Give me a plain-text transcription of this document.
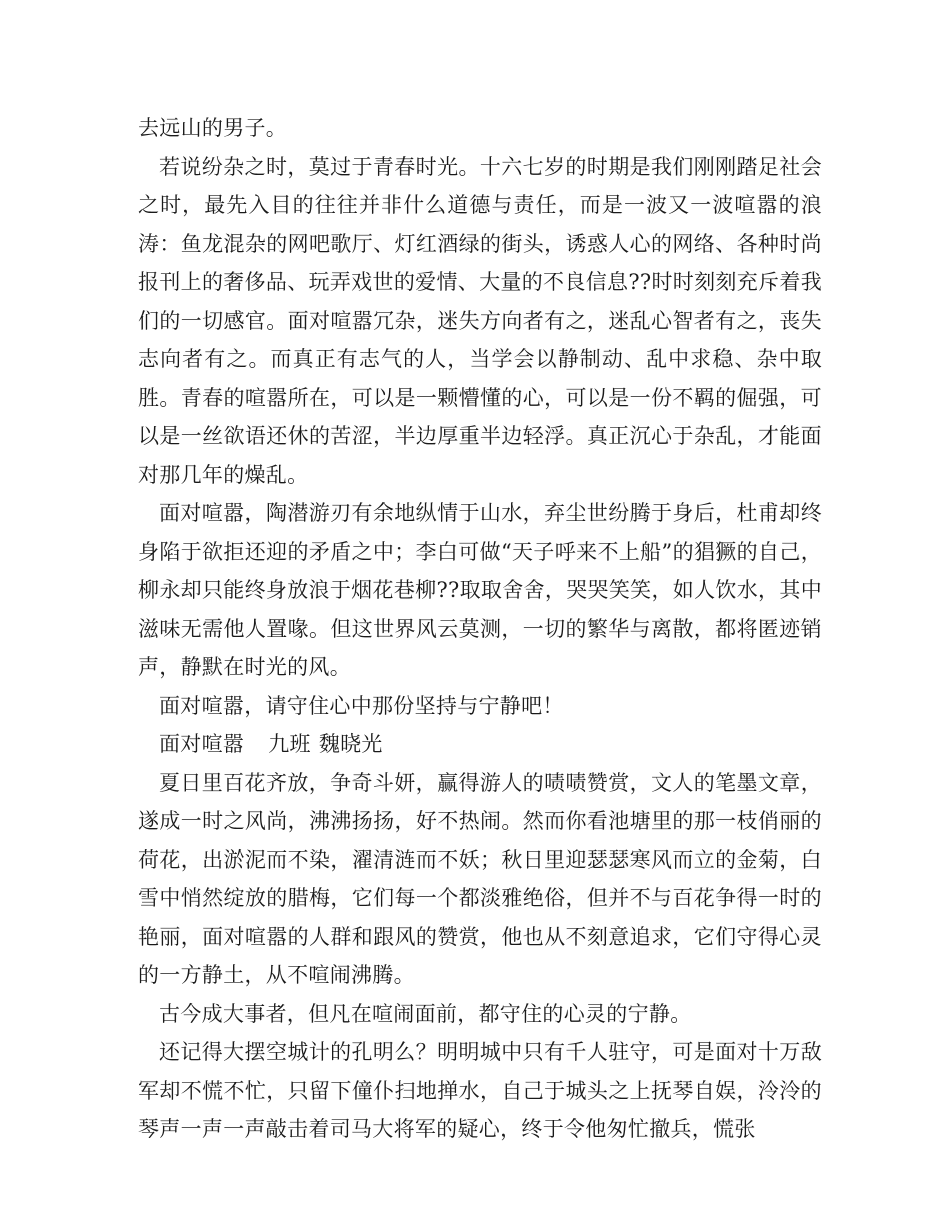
去远山的男子。

若说纷杂之时，莫过于青春时光。十六七岁的时期是我们刚刚踏足社会之时，最先入目的往往并非什么道德与责任，而是一波又一波喧嚣的浪涛：鱼龙混杂的网吧歌厅、灯红酒绿的街头，诱惑人心的网络、各种时尚报刊上的奢侈品、玩弄戏世的爱情、大量的不良信息??时时刻刻充斥着我们的一切感官。面对喧嚣冗杂，迷失方向者有之，迷乱心智者有之，丧失志向者有之。而真正有志气的人，当学会以静制动、乱中求稳、杂中取胜。青春的喧嚣所在，可以是一颗懵懂的心，可以是一份不羁的倔强，可以是一丝欲语还休的苦涩，半边厚重半边轻浮。真正沉心于杂乱，才能面对那几年的燥乱。

面对喧嚣，陶潜游刃有余地纵情于山水，弃尘世纷腾于身后，杜甫却终身陷于欲拒还迎的矛盾之中；李白可做“天子呼来不上船”的猖獗的自己，柳永却只能终身放浪于烟花巷柳??取取舍舍，哭哭笑笑，如人饮水，其中滋味无需他人置喙。但这世界风云莫测，一切的繁华与离散，都将匿迹销声，静默在时光的风。

面对喧嚣，请守住心中那份坚持与宁静吧！

面对喧嚣 九班 魏晓光

夏日里百花齐放，争奇斗妍，赢得游人的啧啧赞赏，文人的笔墨文章，遂成一时之风尚，沸沸扬扬，好不热闹。然而你看池塘里的那一枝俏丽的荷花，出淤泥而不染，濯清涟而不妖；秋日里迎瑟瑟寒风而立的金菊，白雪中悄然绽放的腊梅，它们每一个都淡雅绝俗，但并不与百花争得一时的艳丽，面对喧嚣的人群和跟风的赞赏，他也从不刻意追求，它们守得心灵的一方静土，从不喧闹沸腾。

古今成大事者，但凡在喧闹面前，都守住的心灵的宁静。

还记得大摆空城计的孔明么？明明城中只有千人驻守，可是面对十万敌军却不慌不忙，只留下僮仆扫地掸水，自己于城头之上抚琴自娱，泠泠的琴声一声一声敲击着司马大将军的疑心，终于令他匆忙撤兵，慌张
